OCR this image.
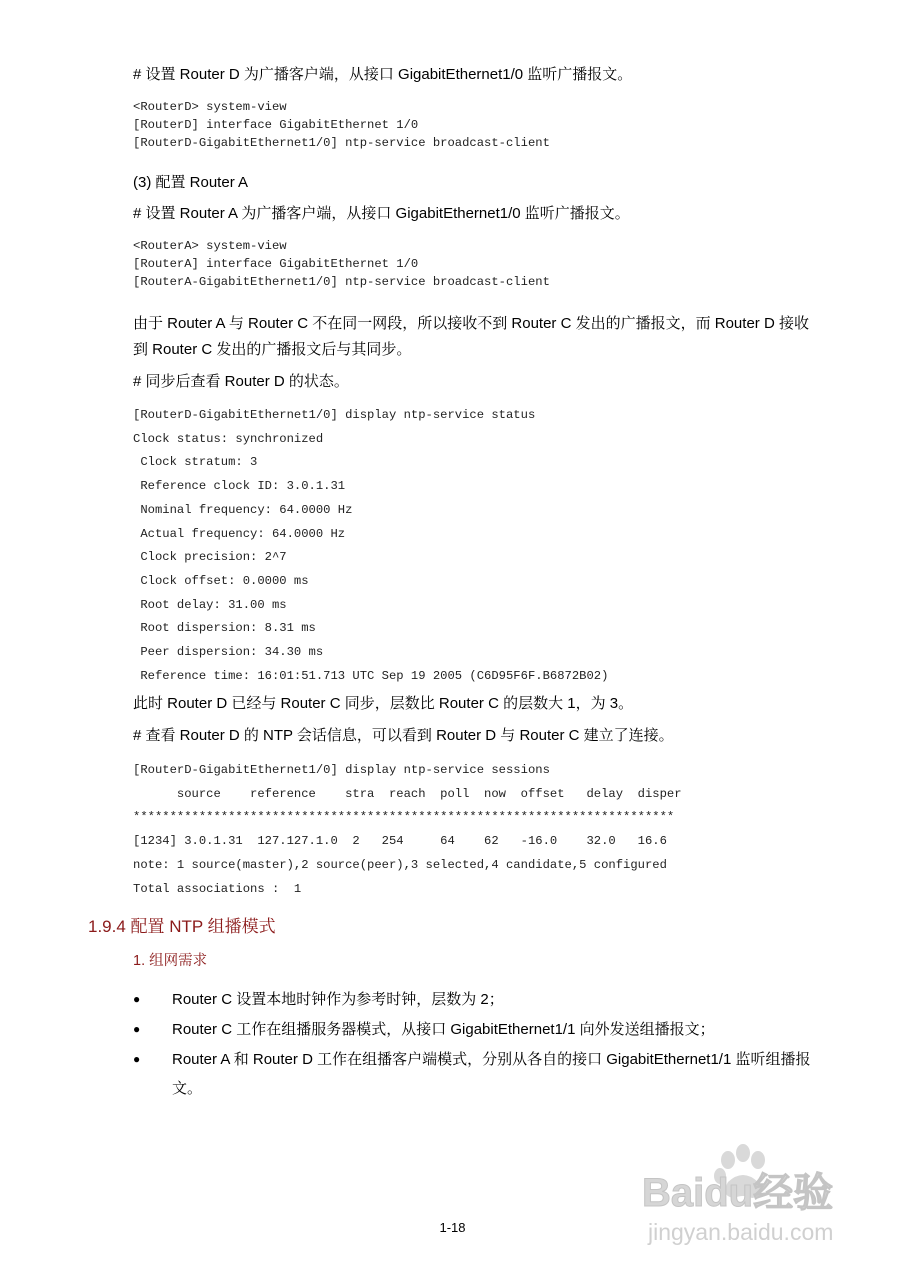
# 设置 Router D 为广播客户端，从接口 GigabitEthernet1/0 监听广播报文。
<RouterD> system-view
[RouterD] interface GigabitEthernet 1/0
[RouterD-GigabitEthernet1/0] ntp-service broadcast-client
(3) 配置 Router A
# 设置 Router A 为广播客户端，从接口 GigabitEthernet1/0 监听广播报文。
<RouterA> system-view
[RouterA] interface GigabitEthernet 1/0
[RouterA-GigabitEthernet1/0] ntp-service broadcast-client
由于 Router A 与 Router C 不在同一网段，所以接收不到 Router C 发出的广播报文，而 Router D 接收到 Router C 发出的广播报文后与其同步。
# 同步后查看 Router D 的状态。
[RouterD-GigabitEthernet1/0] display ntp-service status
Clock status: synchronized
Clock stratum: 3
Reference clock ID: 3.0.1.31
Nominal frequency: 64.0000 Hz
Actual frequency: 64.0000 Hz
Clock precision: 2^7
Clock offset: 0.0000 ms
Root delay: 31.00 ms
Root dispersion: 8.31 ms
Peer dispersion: 34.30 ms
Reference time: 16:01:51.713 UTC Sep 19 2005 (C6D95F6F.B6872B02)
此时 Router D 已经与 Router C 同步，层数比 Router C 的层数大 1，为 3。
# 查看 Router D 的 NTP 会话信息，可以看到 Router D 与 Router C 建立了连接。
[RouterD-GigabitEthernet1/0] display ntp-service sessions
source    reference    stra  reach  poll  now  offset   delay  disper
**************************************************************************
[1234] 3.0.1.31  127.127.1.0  2   254     64    62   -16.0    32.0   16.6
note: 1 source(master),2 source(peer),3 selected,4 candidate,5 configured
Total associations :  1
1.9.4 配置 NTP 组播模式
1. 组网需求
● Router C 设置本地时钟作为参考时钟，层数为 2；
● Router C 工作在组播服务器模式，从接口 GigabitEthernet1/1 向外发送组播报文；
● Router A 和 Router D 工作在组播客户端模式，分别从各自的接口 GigabitEthernet1/1 监听组播报文。
1-18
Baidu经验
jingyan.baidu.com
